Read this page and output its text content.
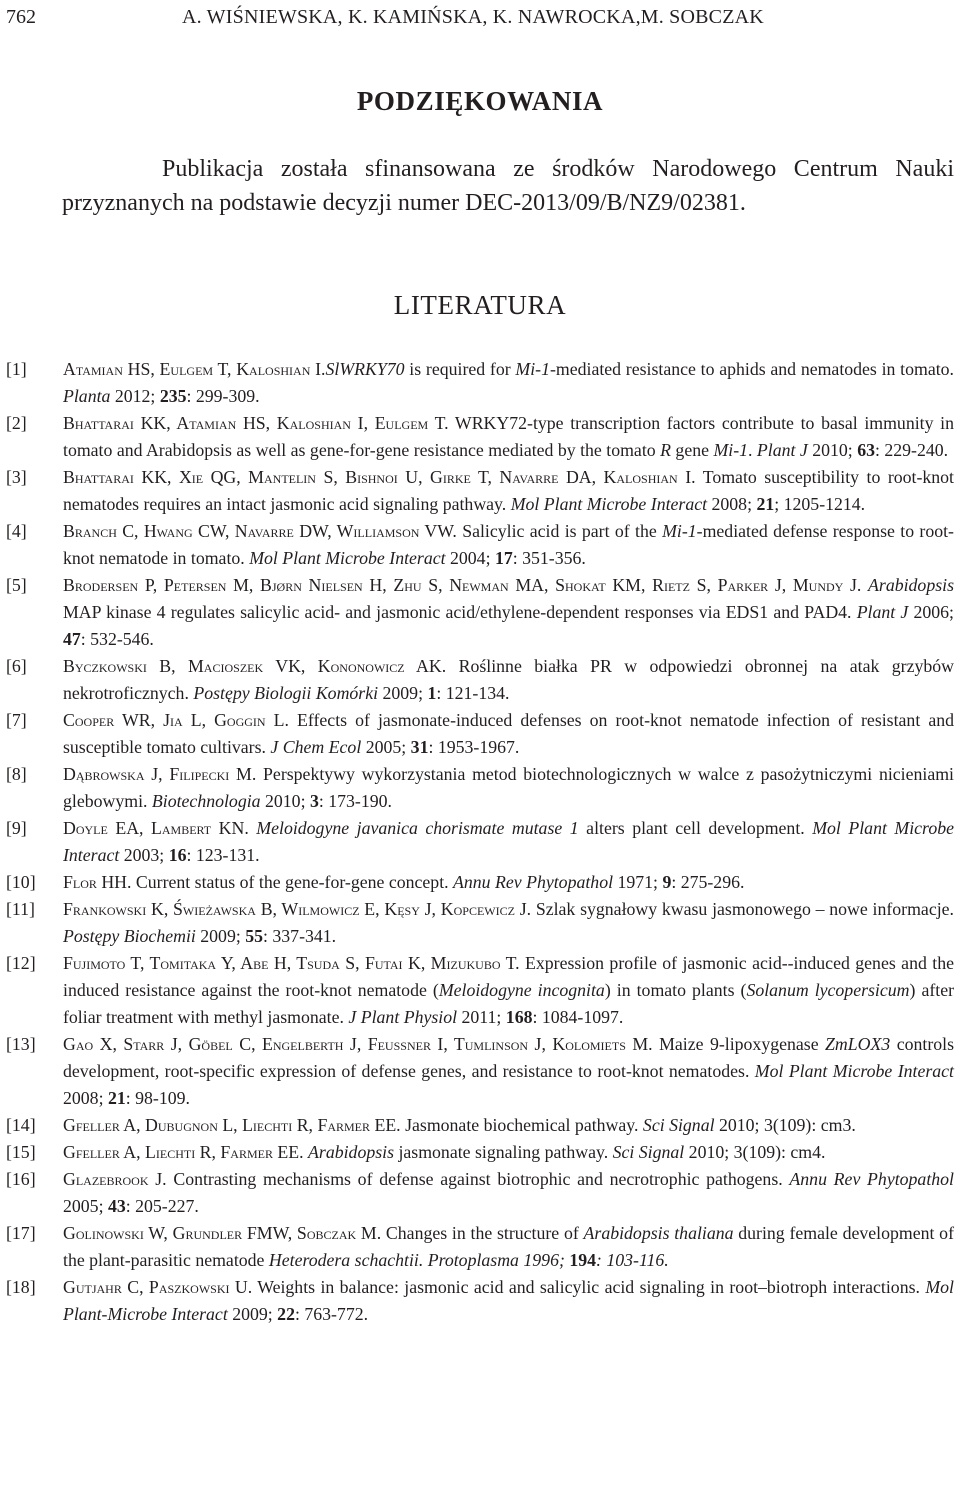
762	A. WIŚNIEWSKA, K. KAMIŃSKA, K. NAWROCKA,M. SOBCZAK
PODZIĘKOWANIA
Publikacja została sfinansowana ze środków Narodowego Centrum Nauki przyznanych na podstawie decyzji numer DEC-2013/09/B/NZ9/02381.
LITERATURA
[1] Atamian HS, Eulgem T, Kaloshian I.SlWRKY70 is required for Mi-1-mediated resistance to aphids and nematodes in tomato. Planta 2012; 235: 299-309.
[2] Bhattarai KK, Atamian HS, Kaloshian I, Eulgem T. WRKY72-type transcription factors contribute to basal immunity in tomato and Arabidopsis as well as gene-for-gene resistance mediated by the tomato R gene Mi-1. Plant J 2010; 63: 229-240.
[3] Bhattarai KK, Xie QG, Mantelin S, Bishnoi U, Girke T, Navarre DA, Kaloshian I. Tomato susceptibility to root-knot nematodes requires an intact jasmonic acid signaling pathway. Mol Plant Microbe Interact 2008; 21; 1205-1214.
[4] Branch C, Hwang CW, Navarre DW, Williamson VW. Salicylic acid is part of the Mi-1-mediated defense response to root-knot nematode in tomato. Mol Plant Microbe Interact 2004; 17: 351-356.
[5] Brodersen P, Petersen M, Bjørn Nielsen H, Zhu S, Newman MA, Shokat KM, Rietz S, Parker J, Mundy J. Arabidopsis MAP kinase 4 regulates salicylic acid- and jasmonic acid/ethylene-dependent responses via EDS1 and PAD4. Plant J 2006; 47: 532-546.
[6] Byczkowski B, Macioszek VK, Kononowicz AK. Roślinne białka PR w odpowiedzi obronnej na atak grzybów nekrotroficznych. Postępy Biologii Komórki 2009; 1: 121-134.
[7] Cooper WR, Jia L, Goggin L. Effects of jasmonate-induced defenses on root-knot nematode infection of resistant and susceptible tomato cultivars. J Chem Ecol 2005; 31: 1953-1967.
[8] Dąbrowska J, Filipecki M. Perspektywy wykorzystania metod biotechnologicznych w walce z pasożytniczymi nicieniami glebowymi. Biotechnologia 2010; 3: 173-190.
[9] Doyle EA, Lambert KN. Meloidogyne javanica chorismate mutase 1 alters plant cell development. Mol Plant Microbe Interact 2003; 16: 123-131.
[10] Flor HH. Current status of the gene-for-gene concept. Annu Rev Phytopathol 1971; 9: 275-296.
[11] Frankowski K, Świeżawska B, Wilmowicz E, Kęsy J, Kopcewicz J. Szlak sygnałowy kwasu jasmonowego – nowe informacje. Postępy Biochemii 2009; 55: 337-341.
[12] Fujimoto T, Tomitaka Y, Abe H, Tsuda S, Futai K, Mizukubo T. Expression profile of jasmonic acid--induced genes and the induced resistance against the root-knot nematode (Meloidogyne incognita) in tomato plants (Solanum lycopersicum) after foliar treatment with methyl jasmonate. J Plant Physiol 2011; 168: 1084-1097.
[13] Gao X, Starr J, Göbel C, Engelberth J, Feussner I, Tumlinson J, Kolomiets M. Maize 9-lipoxygenase ZmLOX3 controls development, root-specific expression of defense genes, and resistance to root-knot nematodes. Mol Plant Microbe Interact 2008; 21: 98-109.
[14] Gfeller A, Dubugnon L, Liechti R, Farmer EE. Jasmonate biochemical pathway. Sci Signal 2010; 3(109): cm3.
[15] Gfeller A, Liechti R, Farmer EE. Arabidopsis jasmonate signaling pathway. Sci Signal 2010; 3(109): cm4.
[16] Glazebrook J. Contrasting mechanisms of defense against biotrophic and necrotrophic pathogens. Annu Rev Phytopathol 2005; 43: 205-227.
[17] Golinowski W, Grundler FMW, Sobczak M. Changes in the structure of Arabidopsis thaliana during female development of the plant-parasitic nematode Heterodera schachtii. Protoplasma 1996; 194: 103-116.
[18] Gutjahr C, Paszkowski U. Weights in balance: jasmonic acid and salicylic acid signaling in root–biotroph interactions. Mol Plant-Microbe Interact 2009; 22: 763-772.
